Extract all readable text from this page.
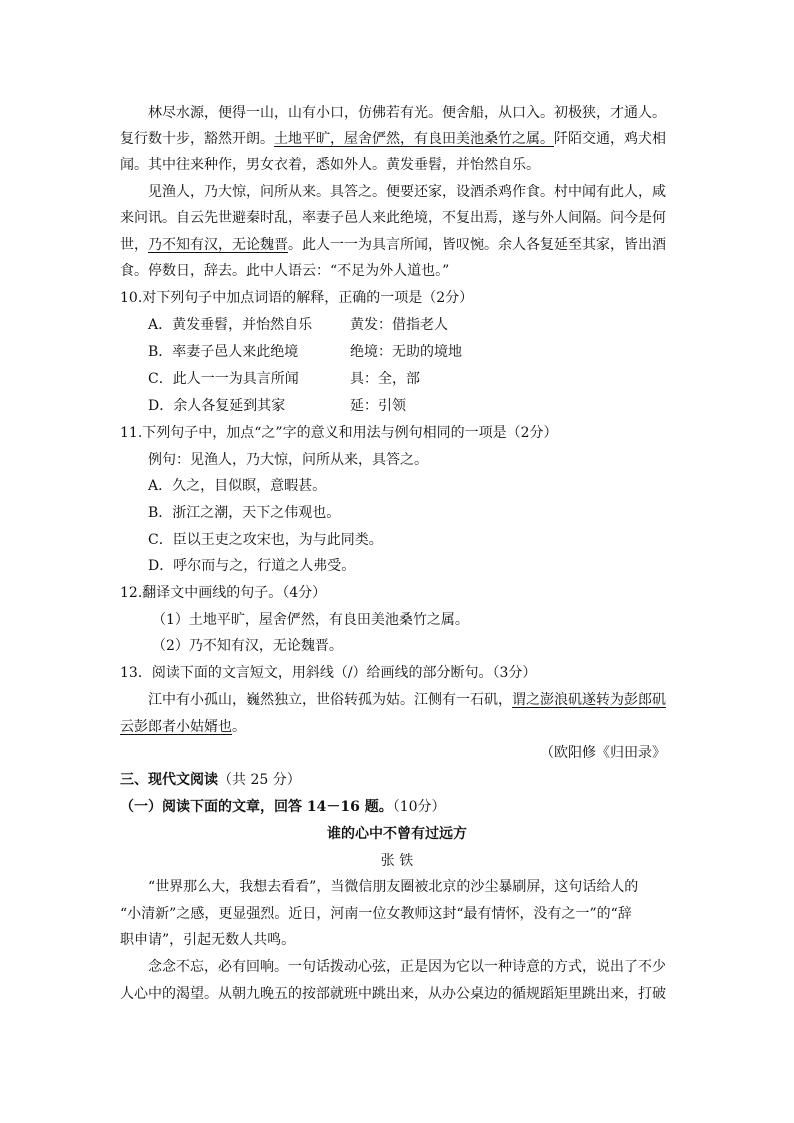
林尽水源，便得一山，山有小口，仿佛若有光。便舍船，从口入。初极狭，才通人。
复行数十步，豁然开朗。土地平旷，屋舍俨然，有良田美池桑竹之属。阡陌交通，鸡犬相
闻。其中往来种作，男女衣着，悉如外人。黄发垂髫，并怡然自乐。
见渔人，乃大惊，问所从来。具答之。便要还家，设酒杀鸡作食。村中闻有此人，咸
来问讯。自云先世避秦时乱，率妻子邑人来此绝境，不复出焉，遂与外人间隔。问今是何
世，乃不知有汉，无论魏晋。此人一一为具言所闻，皆叹惋。余人各复延至其家，皆出酒
食。停数日，辞去。此中人语云：“不足为外人道也。”
10.对下列句子中加点词语的解释，正确的一项是（2分）
A．黄发垂髫，并怡然自乐	黄发：借指老人
B．率妻子邑人来此绝境	绝境：无助的境地
C．此人一一为具言所闻	具：全，部
D．余人各复延到其家	延：引领
11.下列句子中，加点“之”字的意义和用法与例句相同的一项是（2分）
例句：见渔人，乃大惊，问所从来，具答之。
A．久之，目似瞑，意暇甚。
B．浙江之潮，天下之伟观也。
C．臣以王吏之攻宋也，为与此同类。
D．呼尔而与之，行道之人弗受。
12.翻译文中画线的句子。（4分）
（1）土地平旷，屋舍俨然，有良田美池桑竹之属。
（2）乃不知有汉，无论魏晋。
13．阅读下面的文言短文，用斜线（/）给画线的部分断句。（3分）
江中有小孤山，巍然独立，世俗转孤为姑。江侧有一石矶，谓之澎浪矶遂转为彭郎矶
云彭郎者小姑婿也。
（欧阳修《归田录》
三、现代文阅读（共 25 分）
（一）阅读下面的文章，回答 14－16 题。（10分）
谁的心中不曾有过远方
张 铁
“世界那么大，我想去看看”，当微信朋友圈被北京的沙尘暴刷屏，这句话给人的
“小清新”之感，更显强烈。近日，河南一位女教师这封“最有情怀，没有之一”的“辞
职申请”，引起无数人共鸣。
念念不忘，必有回响。一句话拨动心弦，正是因为它以一种诗意的方式，说出了不少
人心中的渴望。从朝九晚五的按部就班中跳出来，从办公桌边的循规蹈矩里跳出来，打破
